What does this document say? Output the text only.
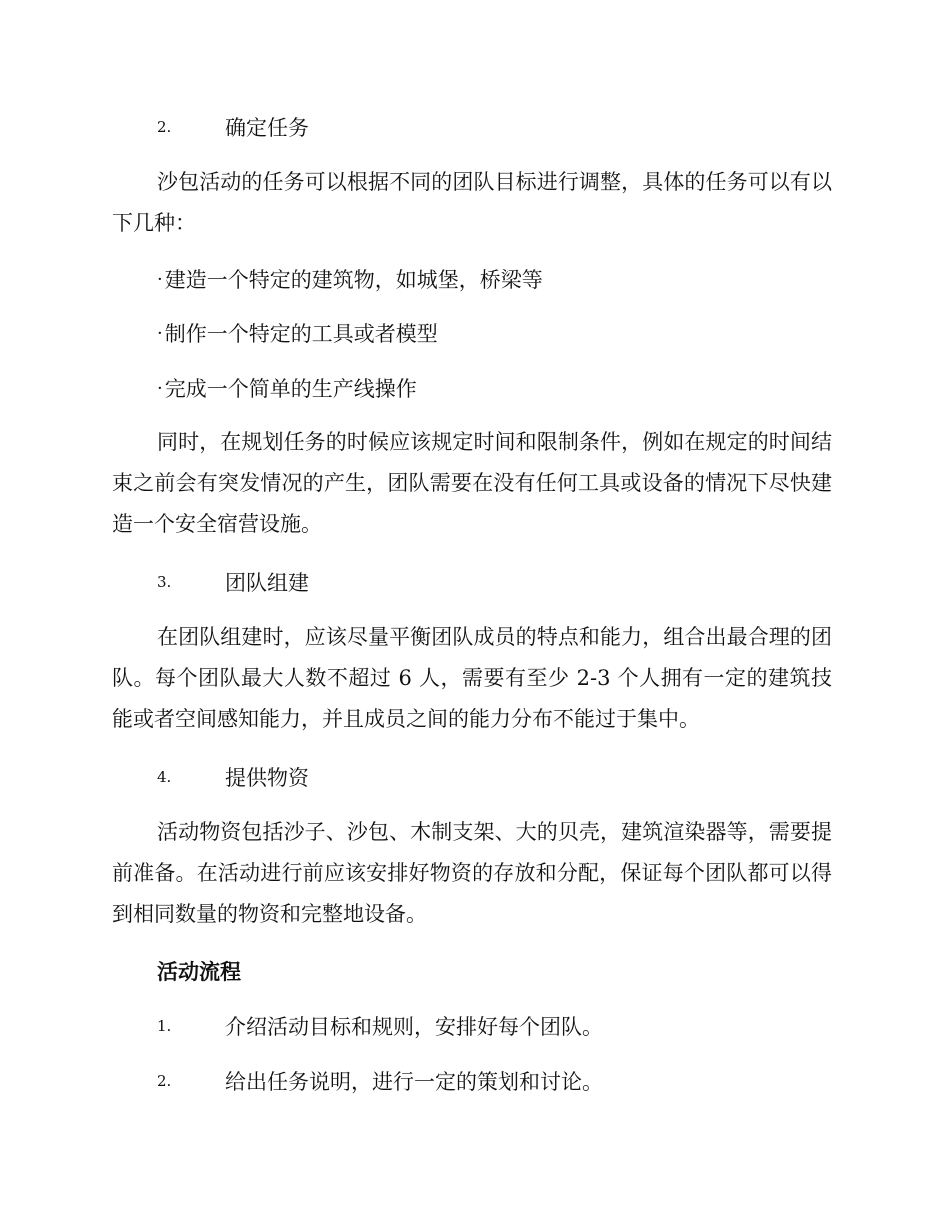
2.	确定任务

沙包活动的任务可以根据不同的团队目标进行调整，具体的任务可以有以下几种：

· 建造一个特定的建筑物，如城堡，桥梁等
· 制作一个特定的工具或者模型
· 完成一个简单的生产线操作

同时，在规划任务的时候应该规定时间和限制条件，例如在规定的时间结束之前会有突发情况的产生，团队需要在没有任何工具或设备的情况下尽快建造一个安全宿营设施。

3.	团队组建

在团队组建时，应该尽量平衡团队成员的特点和能力，组合出最合理的团队。每个团队最大人数不超过 6 人，需要有至少 2-3 个人拥有一定的建筑技能或者空间感知能力，并且成员之间的能力分布不能过于集中。

4.	提供物资

活动物资包括沙子、沙包、木制支架、大的贝壳，建筑渲染器等，需要提前准备。在活动进行前应该安排好物资的存放和分配，保证每个团队都可以得到相同数量的物资和完整地设备。

活动流程
1.	介绍活动目标和规则，安排好每个团队。
2.	给出任务说明，进行一定的策划和讨论。
